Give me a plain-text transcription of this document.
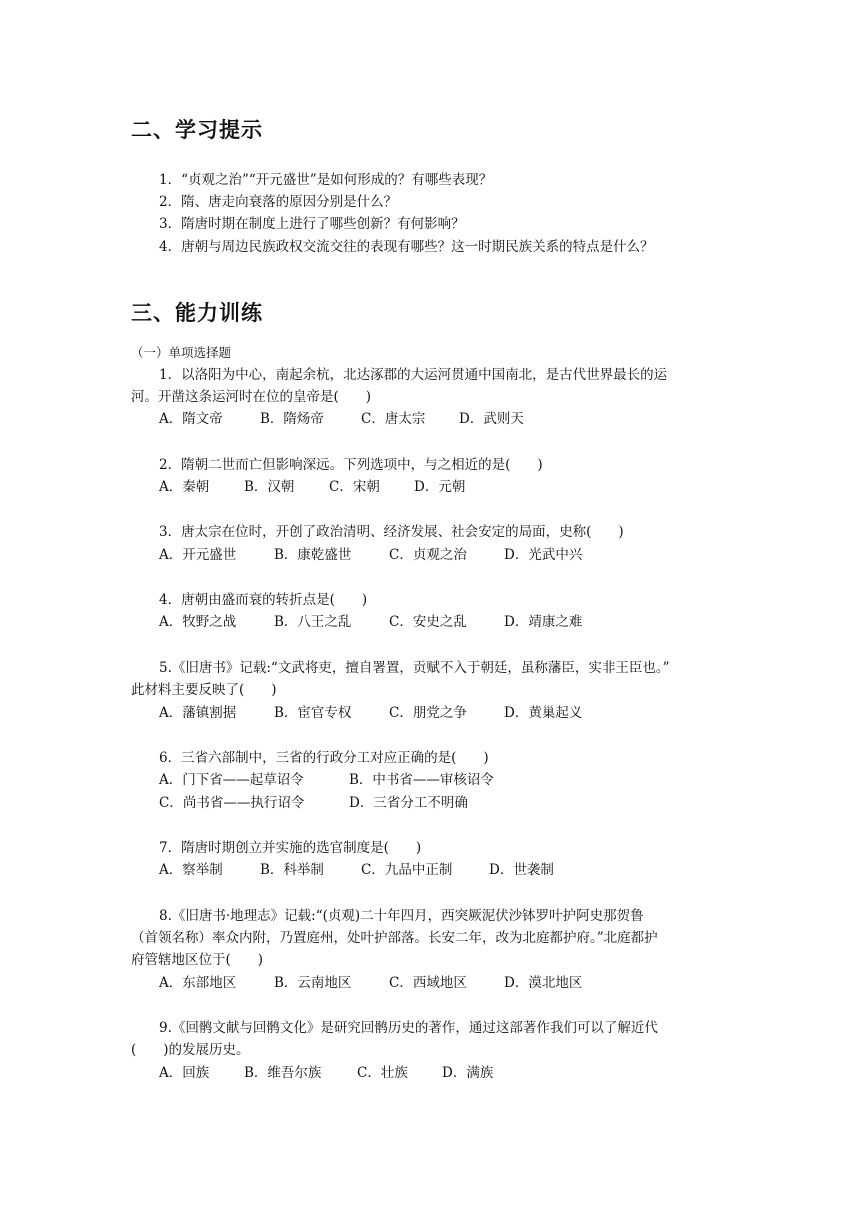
二、学习提示
1．“贞观之治”“开元盛世”是如何形成的？有哪些表现？
2．隋、唐走向衰落的原因分别是什么？
3．隋唐时期在制度上进行了哪些创新？有何影响？
4．唐朝与周边民族政权交流交往的表现有哪些？这一时期民族关系的特点是什么？
三、能力训练
（一）单项选择题
1．以洛阳为中心，南起余杭，北达涿郡的大运河贯通中国南北，是古代世界最长的运
河。开凿这条运河时在位的皇帝是(　　)
A．隋文帝	B．隋炀帝	C．唐太宗 D．武则天
2．隋朝二世而亡但影响深远。下列选项中，与之相近的是(　　)
A．秦朝	B．汉朝	C．宋朝	D．元朝
3．唐太宗在位时，开创了政治清明、经济发展、社会安定的局面，史称(　　)
A．开元盛世	B．康乾盛世	C．贞观之治	D．光武中兴
4．唐朝由盛而衰的转折点是(　　)
A．牧野之战	B．八王之乱	C．安史之乱	D．靖康之难
5.《旧唐书》记载:“文武将吏，擅自署置，贡赋不入于朝廷，虽称藩臣，实非王臣也。”
此材料主要反映了(　　)
A．藩镇割据	B．宦官专权	C．朋党之争	D．黄巢起义
6．三省六部制中，三省的行政分工对应正确的是(　　)
A．门下省——起草诏令	B．中书省——审核诏令
C．尚书省——执行诏令	D．三省分工不明确
7．隋唐时期创立并实施的选官制度是(　　)
A．察举制	B．科举制	C．九品中正制	D．世袭制
8.《旧唐书·地理志》记载:“(贞观)二十年四月，西突厥泥伏沙钵罗叶护阿史那贺鲁
（首领名称）率众内附，乃置庭州，处叶护部落。长安二年，改为北庭都护府。”北庭都护
府管辖地区位于(　　)
A．东部地区	B．云南地区	C．西域地区	D．漠北地区
9.《回鹘文献与回鹘文化》是研究回鹘历史的著作，通过这部著作我们可以了解近代
(　　)的发展历史。
A．回族	B．维吾尔族	C．壮族	D．满族
